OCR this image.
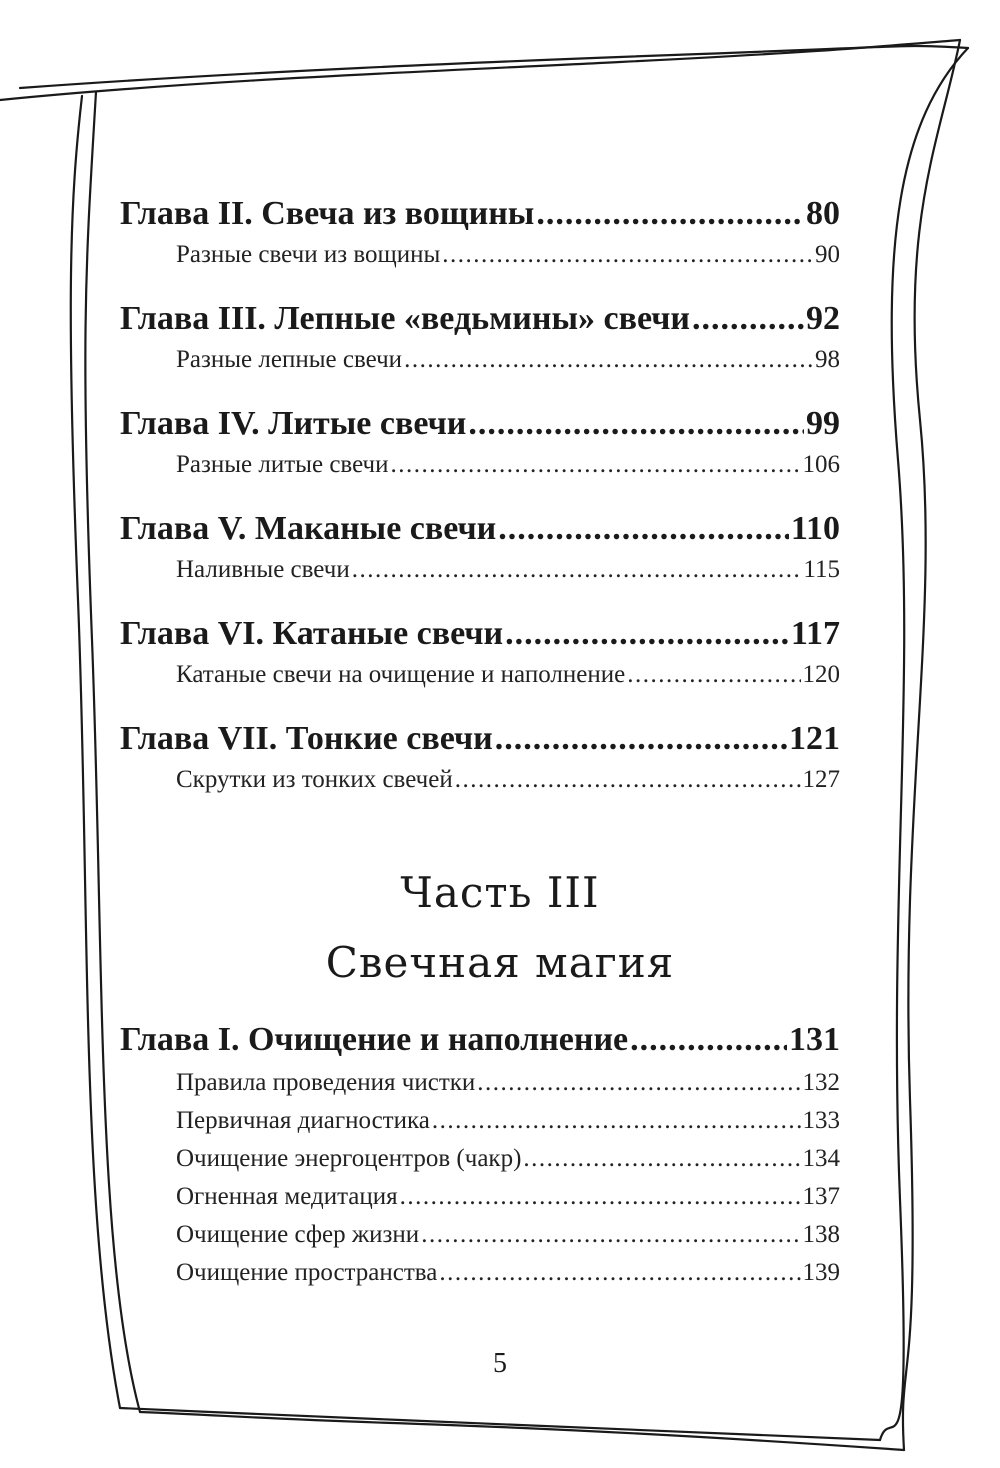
Глава II. Свеча из вощины .....	80
Разные свечи из вощины .....	90
Глава III. Лепные «ведьмины» свечи .....	92
Разные лепные свечи .....	98
Глава IV. Литые свечи .....	99
Разные литые свечи .....	106
Глава V. Маканые свечи .....	110
Наливные свечи .....	115
Глава VI. Катаные свечи .....	117
Катаные свечи на очищение и наполнение .....	120
Глава VII. Тонкие свечи .....	121
Скрутки из тонких свечей .....	127
Часть III
Свечная магия
Глава I. Очищение и наполнение .....	131
Правила проведения чистки .....	132
Первичная диагностика .....	133
Очищение энергоцентров (чакр) .....	134
Огненная медитация .....	137
Очищение сфер жизни .....	138
Очищение пространства .....	139
5
